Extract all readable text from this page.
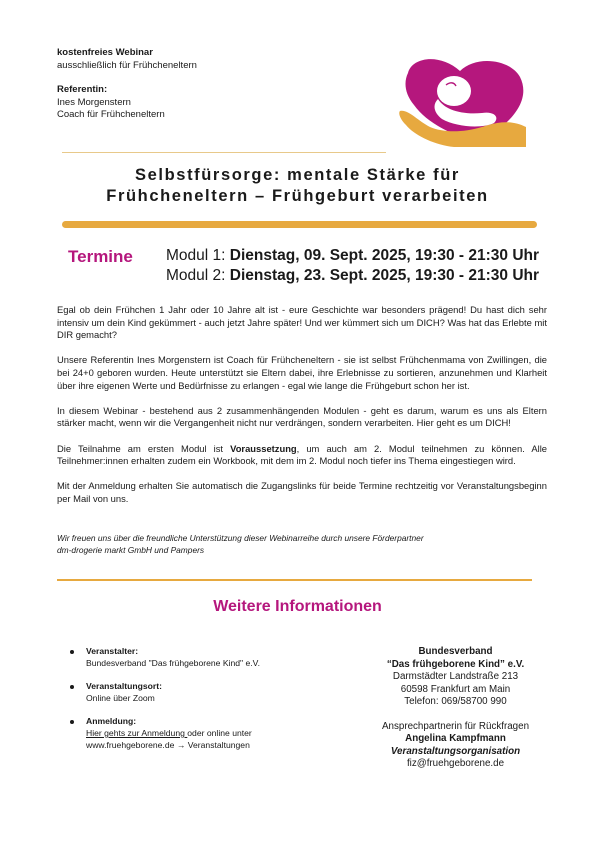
kostenfreies Webinar
ausschließlich für Frühcheneltern
Referentin:
Ines Morgenstern
Coach für Frühcheneltern
Selbstfürsorge: mentale Stärke für
Frühcheneltern – Frühgeburt verarbeiten
Termine Modul 1: Dienstag, 09. Sept. 2025, 19:30 - 21:30 Uhr
Modul 2: Dienstag, 23. Sept. 2025, 19:30 - 21:30 Uhr

Egal ob dein Frühchen 1 Jahr oder 10 Jahre alt ist - eure Geschichte war besonders prägend! Du hast dich sehr intensiv um dein Kind gekümmert - auch jetzt Jahre später! Und wer kümmert sich um DICH? Was hat das Erlebte mit DIR gemacht?

Unsere Referentin Ines Morgenstern ist Coach für Frühcheneltern - sie ist selbst Frühchenmama von Zwillingen, die bei 24+0 geboren wurden. Heute unterstützt sie Eltern dabei, ihre Erlebnisse zu sortieren, anzunehmen und Klarheit über ihre eigenen Werte und Bedürfnisse zu erlangen - egal wie lange die Frühgeburt schon her ist.

In diesem Webinar - bestehend aus 2 zusammenhängenden Modulen - geht es darum, warum es uns als Eltern stärker macht, wenn wir die Vergangenheit nicht nur verdrängen, sondern verarbeiten. Hier geht es um DICH!

Die Teilnahme am ersten Modul ist Voraussetzung, um auch am 2. Modul teilnehmen zu können. Alle Teilnehmer:innen erhalten zudem ein Workbook, mit dem im 2. Modul noch tiefer ins Thema eingestiegen wird.

Mit der Anmeldung erhalten Sie automatisch die Zugangslinks für beide Termine rechtzeitig vor Veranstaltungsbeginn per Mail von uns.

Wir freuen uns über die freundliche Unterstützung dieser Webinarreihe durch unsere Förderpartner
dm-drogerie markt GmbH und Pampers
Weitere Informationen
Veranstalter:
Bundesverband "Das frühgeborene Kind" e.V.
Veranstaltungsort:
Online über Zoom
Anmeldung:
Hier gehts zur Anmeldung oder online unter
www.fruehgeborene.de → Veranstaltungen
Bundesverband
“Das frühgeborene Kind” e.V.
Darmstädter Landstraße 213
60598 Frankfurt am Main
Telefon: 069/58700 990
Ansprechpartnerin für Rückfragen
Angelina Kampfmann
Veranstaltungsorganisation
fiz@fruehgeborene.de
